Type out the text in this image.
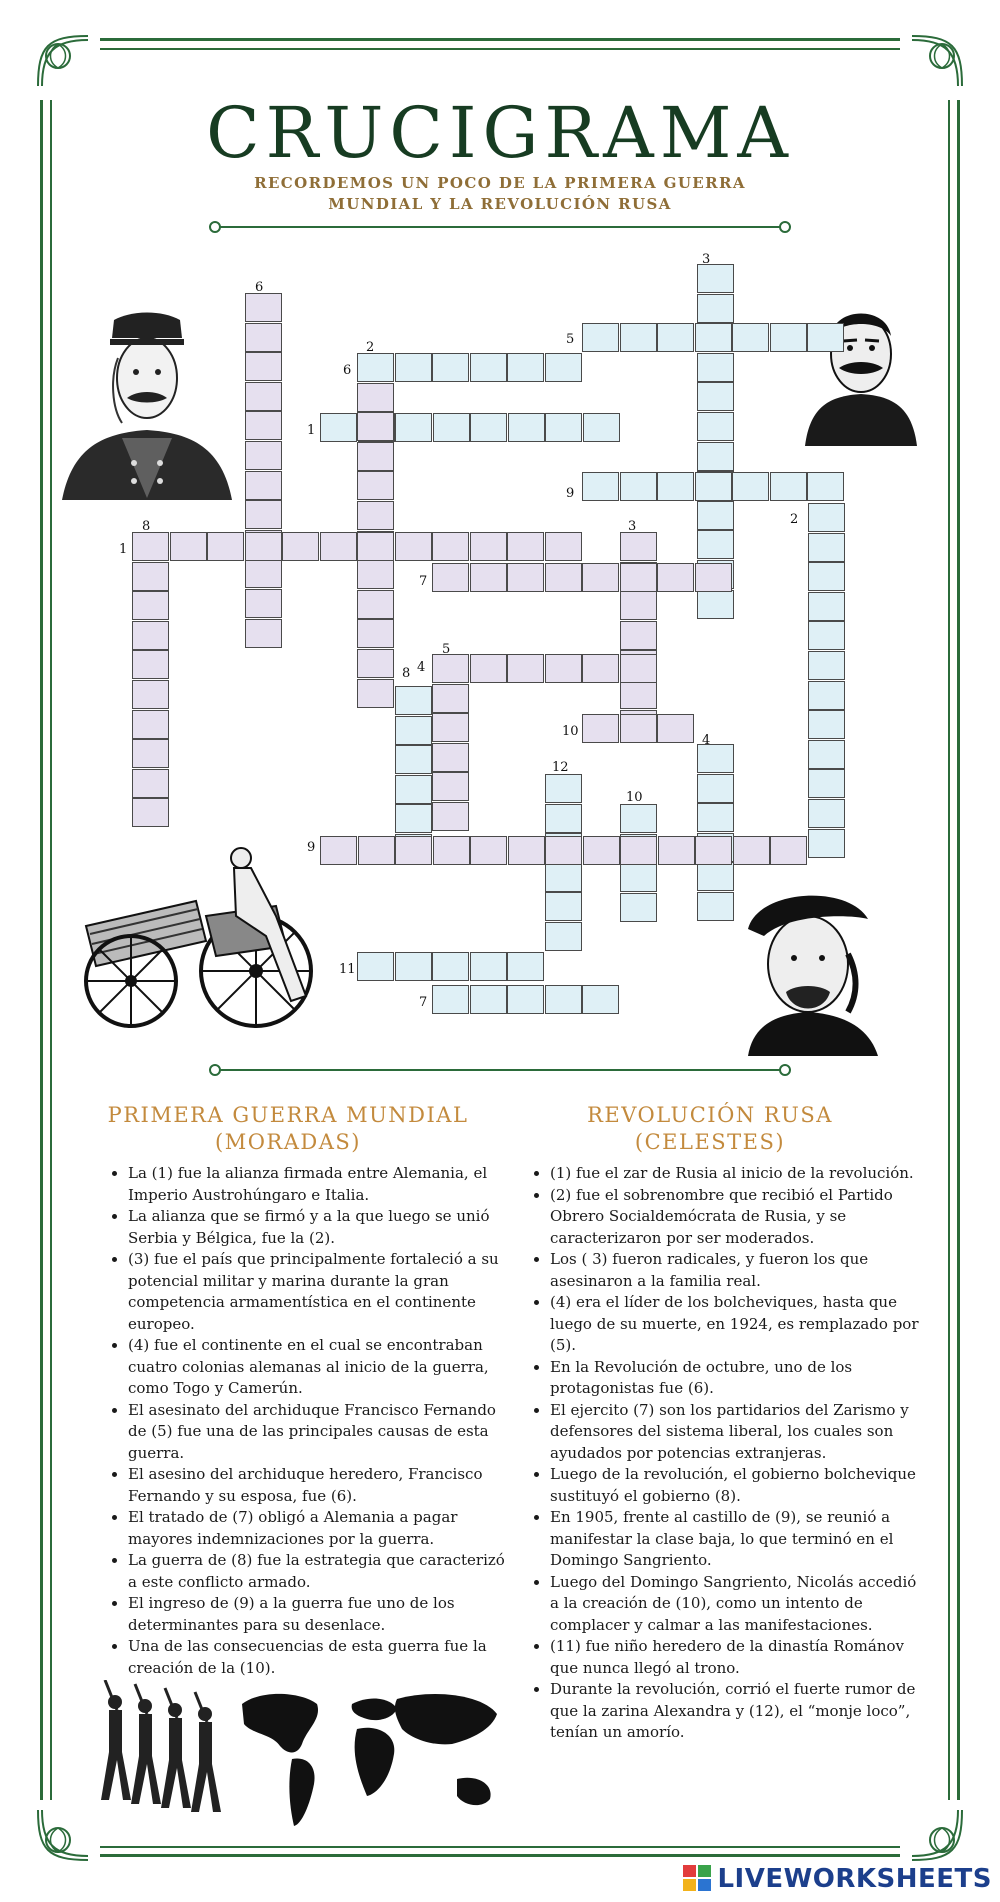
CRUCIGRAMA
RECORDEMOS UN POCO DE LA PRIMERA GUERRA
MUNDIAL Y LA REVOLUCIÓN RUSA
6
2
6
5
3
1
9
8
1
3	2
7
5
8 4
10
4
12
10
9
11
7
PRIMERA GUERRA MUNDIAL
(MORADAS)
• La (1) fue la alianza firmada entre Alemania, el Imperio Austrohúngaro e Italia.
• La alianza que se firmó y a la que luego se unió Serbia y Bélgica, fue la (2).
• (3) fue el país que principalmente fortaleció a su potencial militar y marina durante la gran competencia armamentística en el continente europeo.
• (4) fue el continente en el cual se encontraban cuatro colonias alemanas al inicio de la guerra, como Togo y Camerún.
• El asesinato del archiduque Francisco Fernando de (5) fue una de las principales causas de esta guerra.
• El asesino del archiduque heredero, Francisco Fernando y su esposa, fue (6).
• El tratado de (7) obligó a Alemania a pagar mayores indemnizaciones por la guerra.
• La guerra de (8) fue la estrategia que caracterizó a este conflicto armado.
• El ingreso de (9) a la guerra fue uno de los determinantes para su desenlace.
• Una de las consecuencias de esta guerra fue la creación de la (10).
REVOLUCIÓN RUSA
(CELESTES)
• (1) fue el zar de Rusia al inicio de la revolución.
• (2) fue el sobrenombre que recibió el Partido Obrero Socialdemócrata de Rusia, y se caracterizaron por ser moderados.
• Los ( 3) fueron radicales, y fueron los que asesinaron a la familia real.
• (4) era el líder de los bolcheviques, hasta que luego de su muerte, en 1924, es remplazado por (5).
• En la Revolución de octubre, uno de los protagonistas fue (6).
• El ejercito (7) son los partidarios del Zarismo y defensores del sistema liberal, los cuales son ayudados por potencias extranjeras.
• Luego de la revolución, el gobierno bolchevique sustituyó el gobierno (8).
• En 1905, frente al castillo de (9), se reunió a manifestar la clase baja, lo que terminó en el Domingo Sangriento.
• Luego del Domingo Sangriento, Nicolás accedió a la creación de (10), como un intento de complacer y calmar a las manifestaciones.
• (11) fue niño heredero de la dinastía Románov que nunca llegó al trono.
• Durante la revolución, corrió el fuerte rumor de que la zarina Alexandra y (12), el “monje loco”, tenían un amorío.
LIVEWORKSHEETS
